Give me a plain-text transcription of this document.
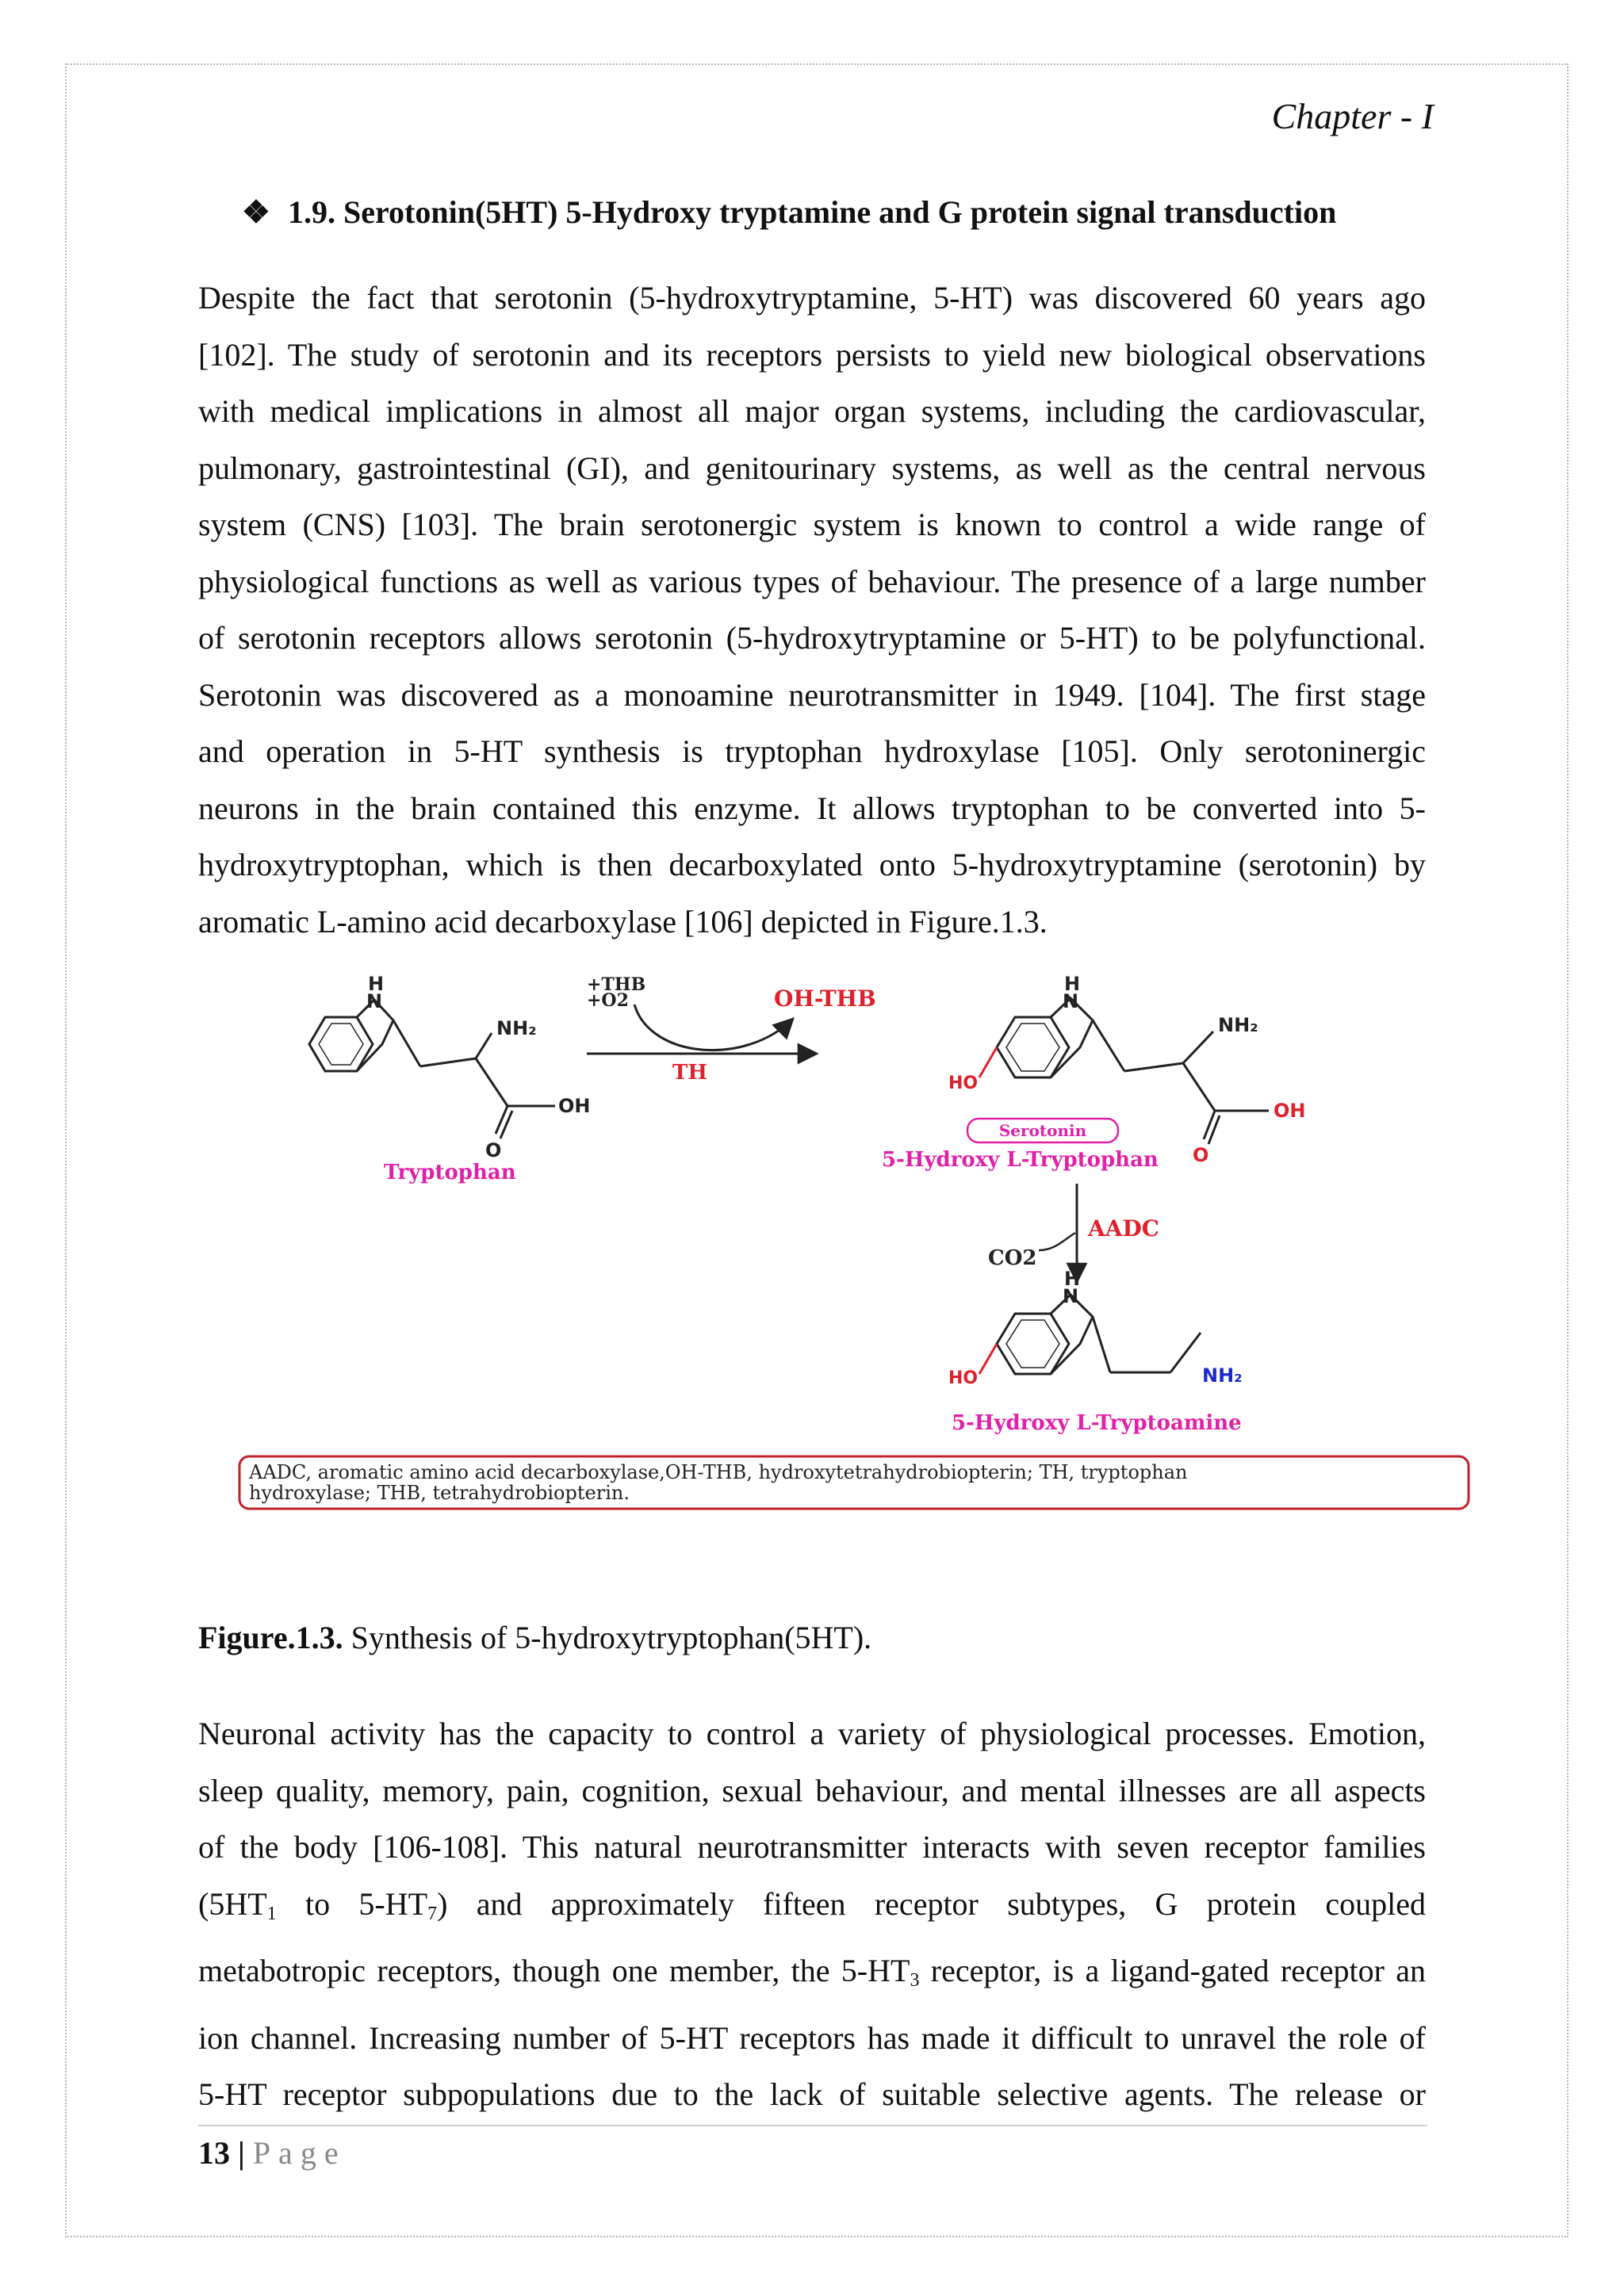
Chapter - I
❖ 1.9. Serotonin(5HT) 5-Hydroxy tryptamine and G protein signal transduction
Despite the fact that serotonin (5-hydroxytryptamine, 5-HT) was discovered 60 years ago
[102]. The study of serotonin and its receptors persists to yield new biological observations
with medical implications in almost all major organ systems, including the cardiovascular,
pulmonary, gastrointestinal (GI), and genitourinary systems, as well as the central nervous
system (CNS) [103]. The brain serotonergic system is known to control a wide range of
physiological functions as well as various types of behaviour. The presence of a large number
of serotonin receptors allows serotonin (5-hydroxytryptamine or 5-HT) to be polyfunctional.
Serotonin was discovered as a monoamine neurotransmitter in 1949. [104]. The first stage
and operation in 5-HT synthesis is tryptophan hydroxylase [105]. Only serotoninergic
neurons in the brain contained this enzyme. It allows tryptophan to be converted into 5-
hydroxytryptophan, which is then decarboxylated onto 5-hydroxytryptamine (serotonin) by
aromatic L-amino acid decarboxylase [106] depicted in Figure.1.3.
H
N
NH₂
OH
O
Tryptophan
+THB
+O2	OH-THB
TH
H
N
HO
NH₂
OH
O
Serotonin
5-Hydroxy L-Tryptophan
AADC
CO2
H
N
HO	NH₂
5-Hydroxy L-Tryptoamine
AADC, aromatic amino acid decarboxylase,OH-THB, hydroxytetrahydrobiopterin; TH, tryptophan
hydroxylase; THB, tetrahydrobiopterin.
Figure.1.3. Synthesis of 5-hydroxytryptophan(5HT).
Neuronal activity has the capacity to control a variety of physiological processes. Emotion,
sleep quality, memory, pain, cognition, sexual behaviour, and mental illnesses are all aspects
of the body [106-108]. This natural neurotransmitter interacts with seven receptor families
($5HT_1$ to $5-HT_7$) and approximately fifteen receptor subtypes, G protein coupled
metabotropic receptors, though one member, the $5-HT_3$ receptor, is a ligand-gated receptor an
ion channel. Increasing number of 5-HT receptors has made it difficult to unravel the role of
5-HT receptor subpopulations due to the lack of suitable selective agents. The release or
13 | Page
